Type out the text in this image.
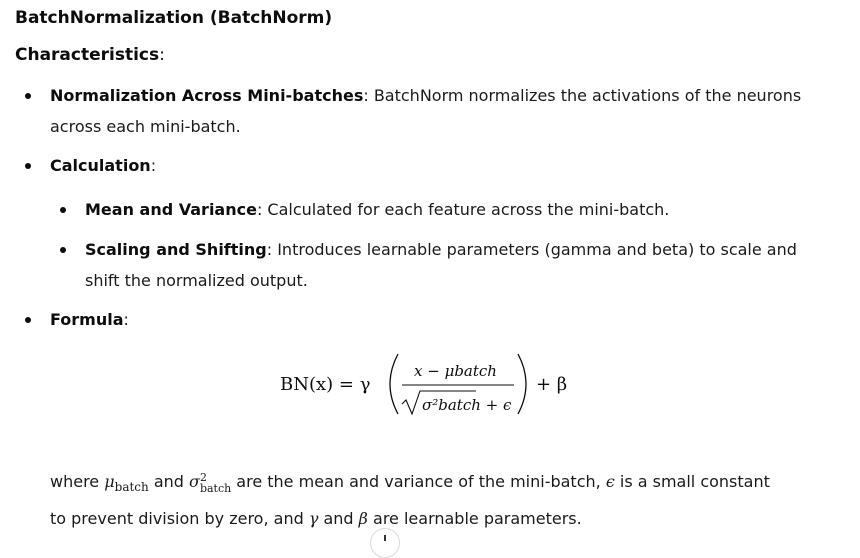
BatchNormalization (BatchNorm)
Characteristics:
Normalization Across Mini-batches: BatchNorm normalizes the activations of the neurons
across each mini-batch.
Calculation:
Mean and Variance: Calculated for each feature across the mini-batch.
Scaling and Shifting: Introduces learnable parameters (gamma and beta) to scale and
shift the normalized output.
Formula:
BN(x) = γ
x − μbatch
σ²batch + ϵ
+ β
where $\mu_{batch}$ and σ 2
batch are the mean and variance of the mini-batch, ϵ is a small constant
to prevent division by zero, and γ and β are learnable parameters.
